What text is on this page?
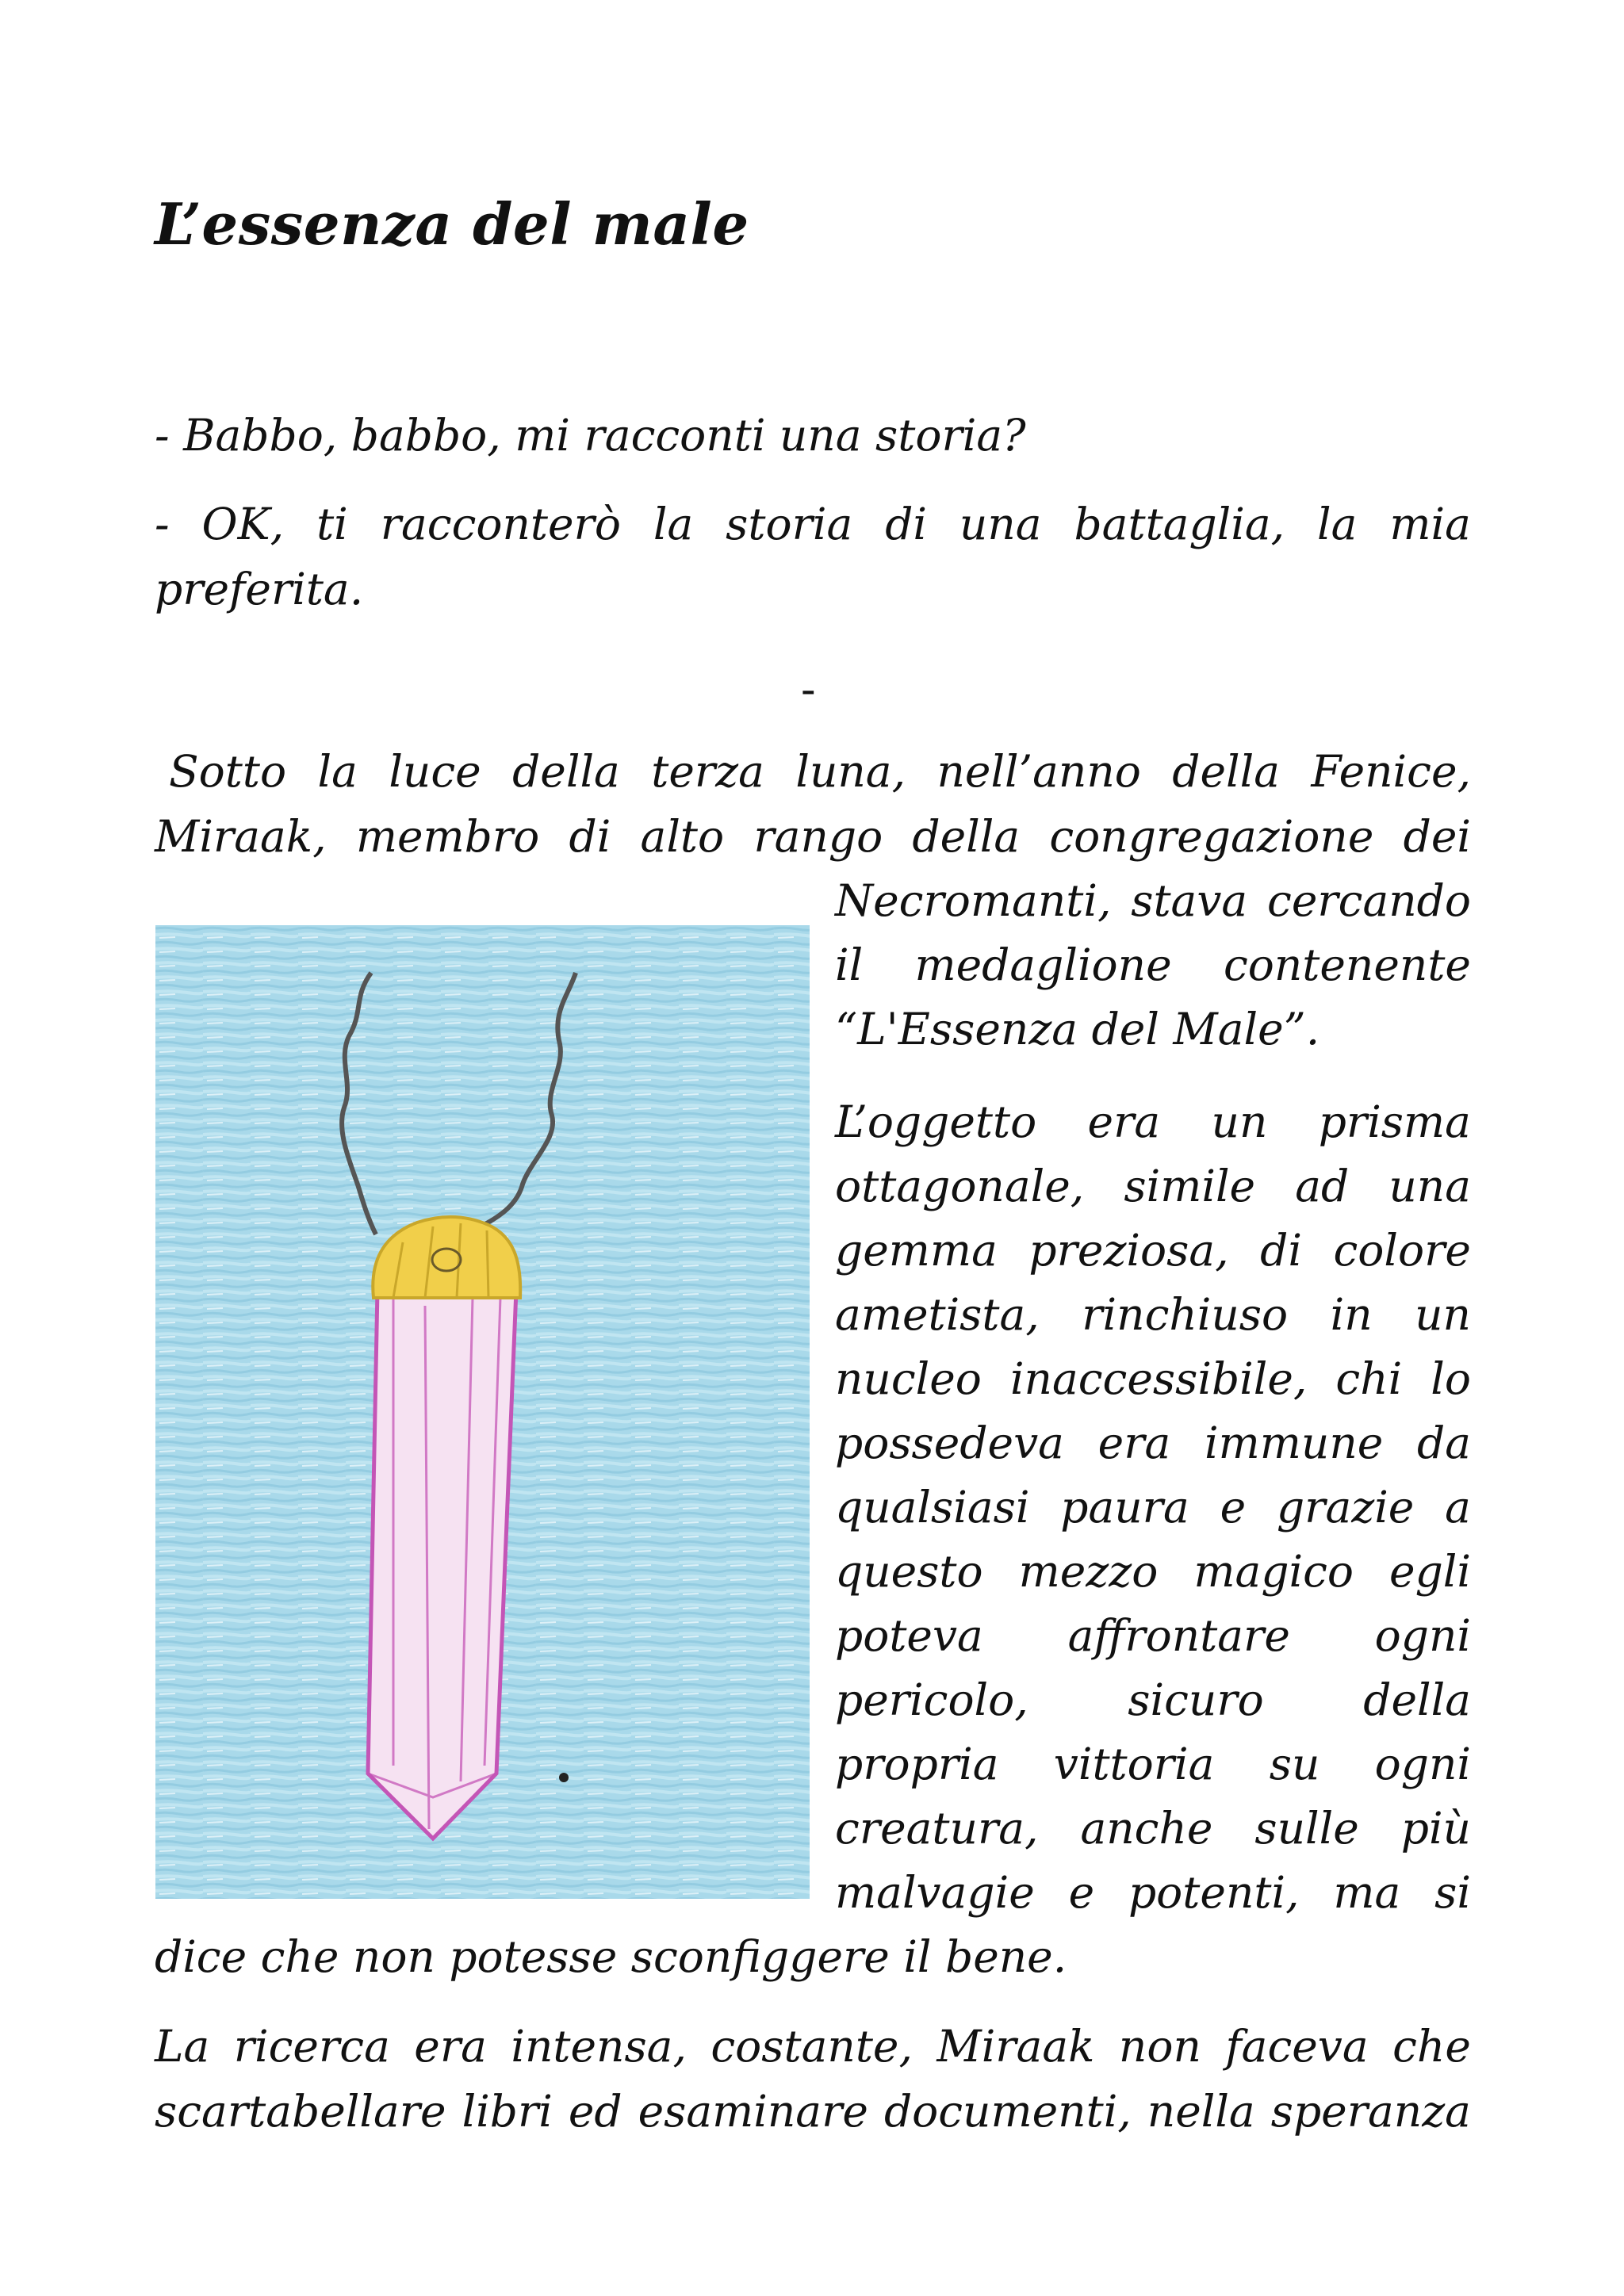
L’essenza del male
- Babbo, babbo, mi racconti una storia?
- OK, ti racconterò la storia di una battaglia, la mia
preferita.
-
Sotto la luce della terza luna, nell’anno della Fenice,
Miraak, membro di alto rango della congregazione dei
Necromanti, stava cercando
il medaglione contenente
“L'Essenza del Male”.
L’oggetto era un prisma
ottagonale, simile ad una
gemma preziosa, di colore
ametista, rinchiuso in un
nucleo inaccessibile, chi lo
possedeva era immune da
qualsiasi paura e grazie a
questo mezzo magico egli
poteva affrontare ogni
pericolo, sicuro della
propria vittoria su ogni
creatura, anche sulle più
malvagie e potenti, ma si
dice che non potesse sconfiggere il bene.
La ricerca era intensa, costante, Miraak non faceva che
scartabellare libri ed esaminare documenti, nella speranza
